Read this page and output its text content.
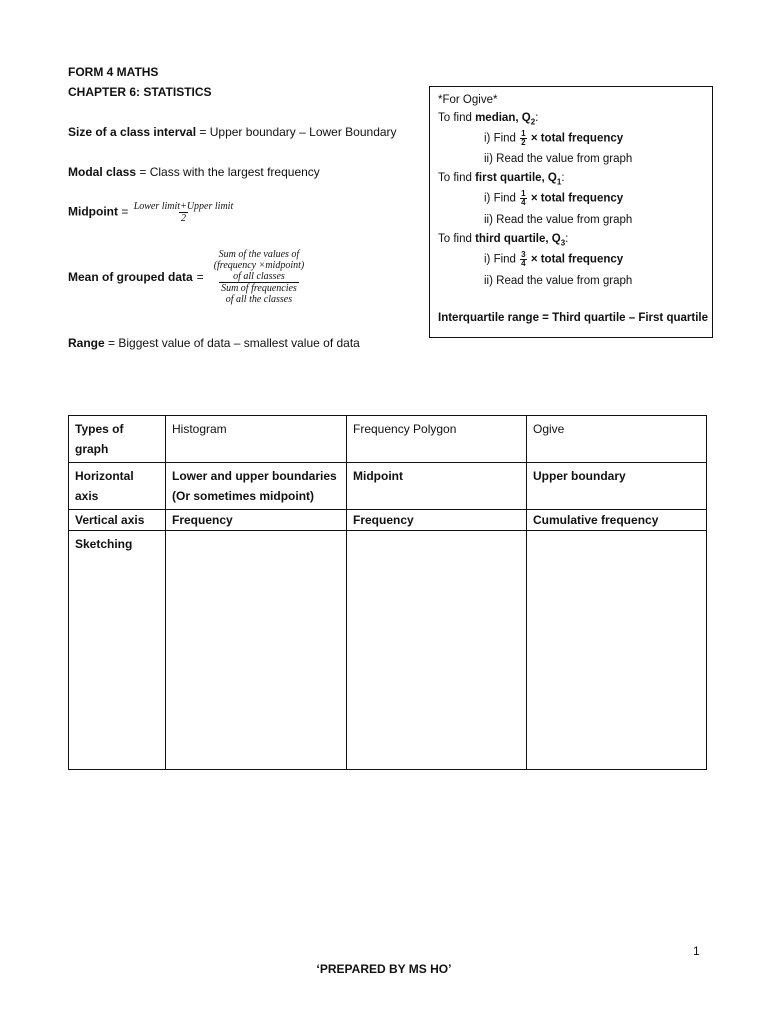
FORM 4 MATHS
CHAPTER 6: STATISTICS
Size of a class interval = Upper boundary – Lower Boundary
Modal class = Class with the largest frequency
Midpoint = $\frac{\text{Lower limit+Upper limit}}{2}$
Mean of grouped data =
Sum of the values of
(frequency ×midpoint)
of all classes
Sum of frequencies
of all the classes
Range = Biggest value of data – smallest value of data
*For Ogive*
To find median, $Q_2$:
i) Find $\frac{1}{2}$ × total frequency
ii) Read the value from graph
To find first quartile, $Q_1$:
i) Find $\frac{1}{4}$ × total frequency
ii) Read the value from graph
To find third quartile, $Q_3$:
i) Find $\frac{3}{4}$ × total frequency
ii) Read the value from graph
Interquartile range = Third quartile – First quartile
Types of graph	Histogram	Frequency Polygon	Ogive
Horizontal axis	Lower and upper boundaries (Or sometimes midpoint)	Midpoint	Upper boundary
Vertical axis	Frequency	Frequency	Cumulative frequency
Sketching			
1
‘PREPARED BY MS HO’
